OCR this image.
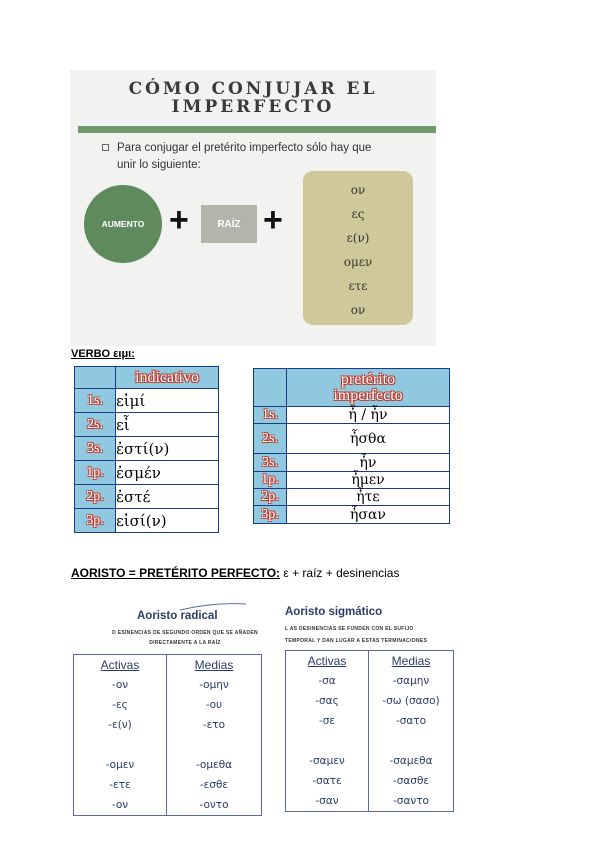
CÓMO CONJUJAR EL
IMPERFECTO
Para conjugar el pretérito imperfecto sólo hay que
unir lo siguiente:
AUMENTO +	RAÍZ +
oν
ες
ε(ν)
oμεν
ετε
oν
VERBO ειμι:
	indicativo
1s.	εἰμί
2s.	εἶ
3s.	ἐστί(ν)
1p.	ἐσμέν
2p.	ἐστέ
3p.	εἰσί(ν)

	pretérito
imperfecto

1s.	ἦ / ἦν
2s.	ἦσθα
3s.	ἦν
1p.	ἦμεν
2p.	ἦτε
3p.	ἦσαν
AORISTO = PRETÉRITO PERFECTO: ε + raíz + desinencias
Aoristo radical
D ESINENCIAS DE SEGUNDO ORDEN QUE SE AÑADEN
DIRECTAMENTE A LA RAÍZ
Activas	Medias
-oν	-oμην
-ες	-ου
-ε(ν)	-ετο

-oμεν	-oμεθα
-ετε	-εσθε
-oν	-oντο
Aoristo sigmático
L AS DESINENCIAS SE FUNDEN CON EL SUFIJO
TEMPORAL Y DAN LUGAR A ESTAS TERMINACIONES
Activas	Medias
-σα	-σαμην
-σας	-σω (σασο)
-σε	-σατο

-σαμεν	-σαμεθα
-σατε	-σασθε
-σαν	-σαντο
